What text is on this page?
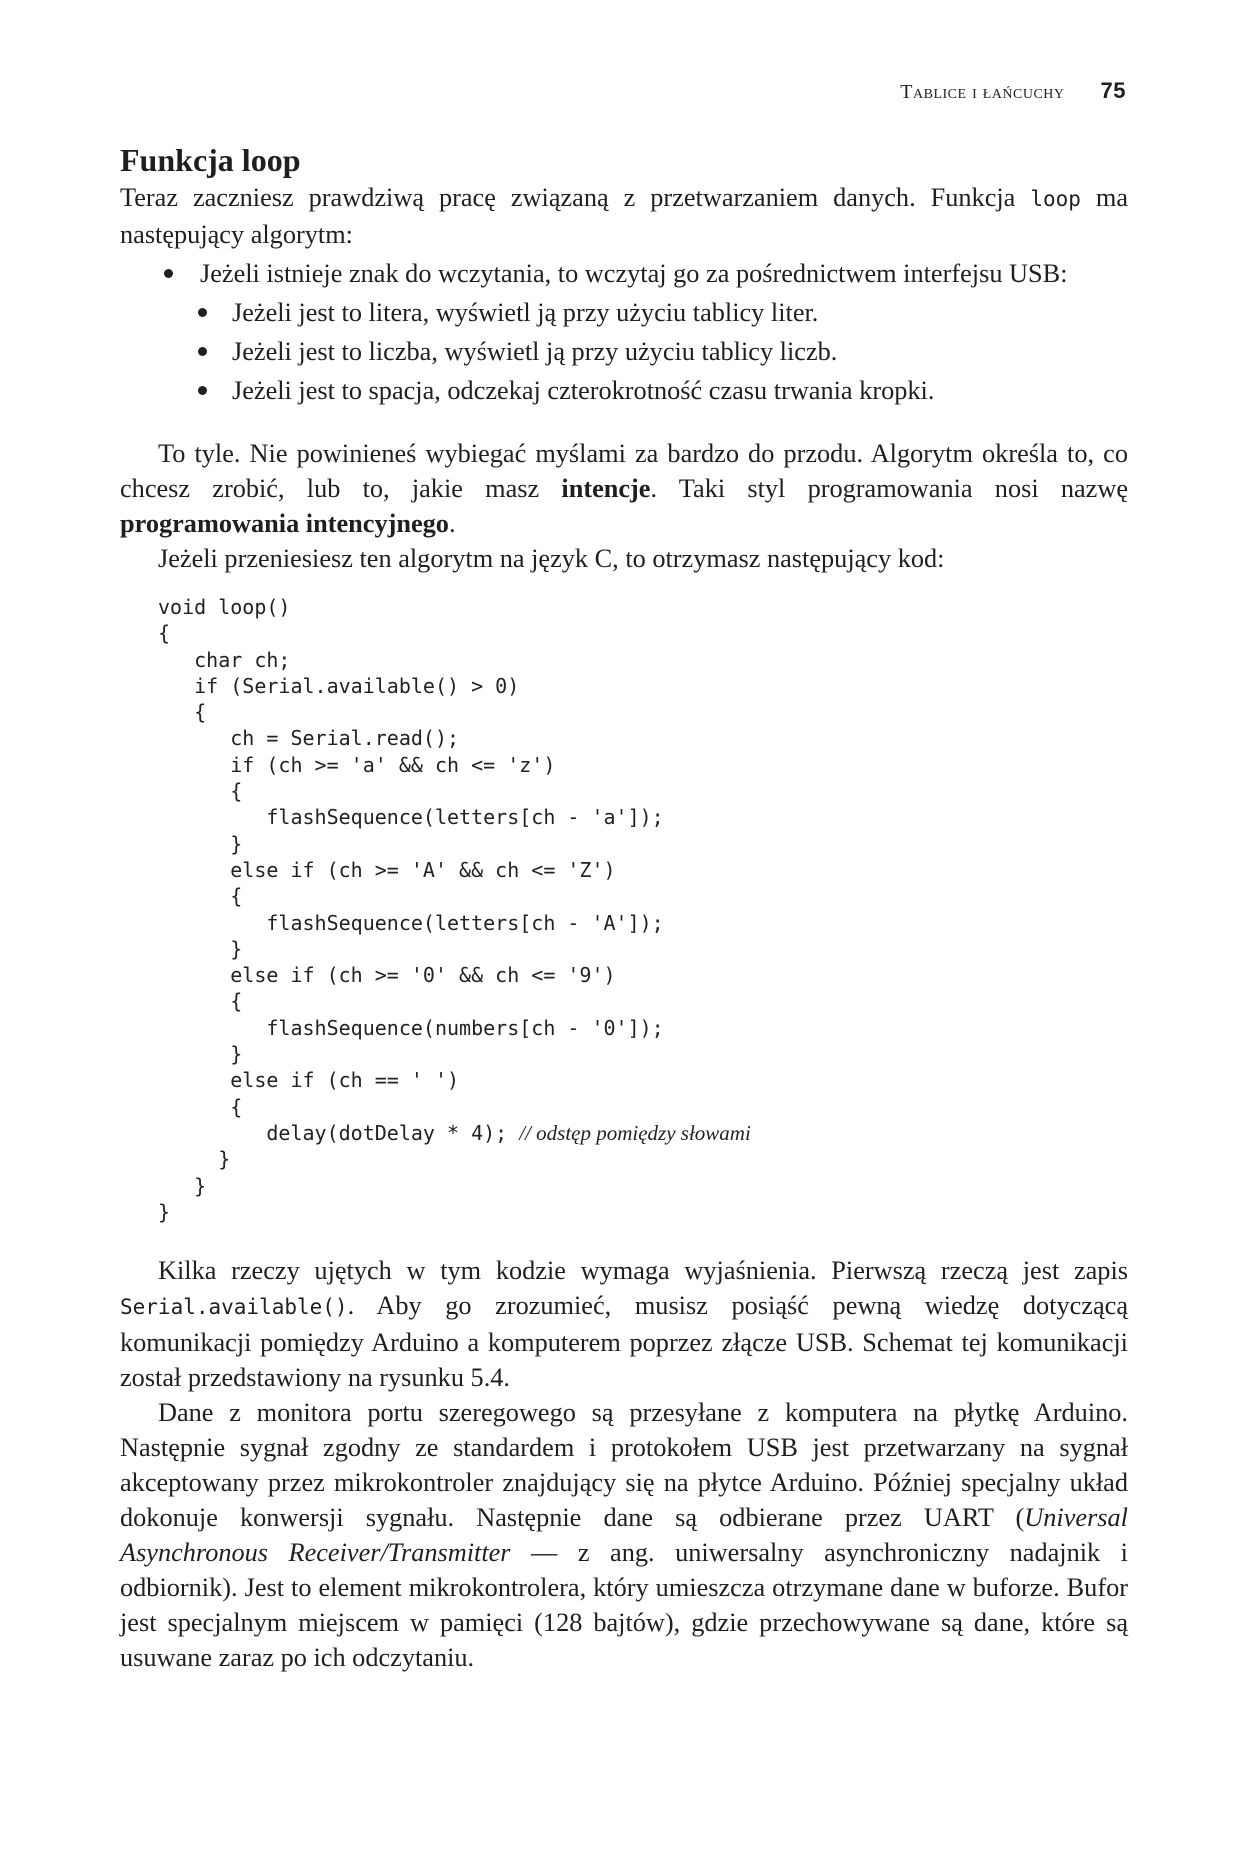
Tablice i łańcuchy 75
Funkcja loop

Teraz zaczniesz prawdziwą pracę związaną z przetwarzaniem danych. Funkcja loop ma następujący algorytm:

Jeżeli istnieje znak do wczytania, to wczytaj go za pośrednictwem interfejsu USB:
Jeżeli jest to litera, wyświetl ją przy użyciu tablicy liter.
Jeżeli jest to liczba, wyświetl ją przy użyciu tablicy liczb.
Jeżeli jest to spacja, odczekaj czterokrotność czasu trwania kropki.

To tyle. Nie powinieneś wybiegać myślami za bardzo do przodu. Algorytm określa to, co chcesz zrobić, lub to, jakie masz intencje. Taki styl programowania nosi nazwę programowania intencyjnego.

Jeżeli przeniesiesz ten algorytm na język C, to otrzymasz następujący kod:

void loop()
{
char ch;
if (Serial.available() > 0)
{
ch = Serial.read();
if (ch >= 'a' && ch <= 'z')
{
flashSequence(letters[ch - 'a']);
}
else if (ch >= 'A' && ch <= 'Z')
{
flashSequence(letters[ch - 'A']);
}
else if (ch >= '0' && ch <= '9')
{
flashSequence(numbers[ch - '0']);
}
else if (ch == ' ')
{
delay(dotDelay * 4); // odstęp pomiędzy słowami
}
}
}

Kilka rzeczy ujętych w tym kodzie wymaga wyjaśnienia. Pierwszą rzeczą jest zapis Serial.available(). Aby go zrozumieć, musisz posiąść pewną wiedzę dotyczącą komunikacji pomiędzy Arduino a komputerem poprzez złącze USB. Schemat tej komunikacji został przedstawiony na rysunku 5.4.

Dane z monitora portu szeregowego są przesyłane z komputera na płytkę Arduino. Następnie sygnał zgodny ze standardem i protokołem USB jest przetwarzany na sygnał akceptowany przez mikrokontroler znajdujący się na płytce Arduino. Później specjalny układ dokonuje konwersji sygnału. Następnie dane są odbierane przez UART (Universal Asynchronous Receiver/Transmitter — z ang. uniwersalny asynchroniczny nadajnik i odbiornik). Jest to element mikrokontrolera, który umieszcza otrzymane dane w buforze. Bufor jest specjalnym miejscem w pamięci (128 bajtów), gdzie przechowywane są dane, które są usuwane zaraz po ich odczytaniu.
